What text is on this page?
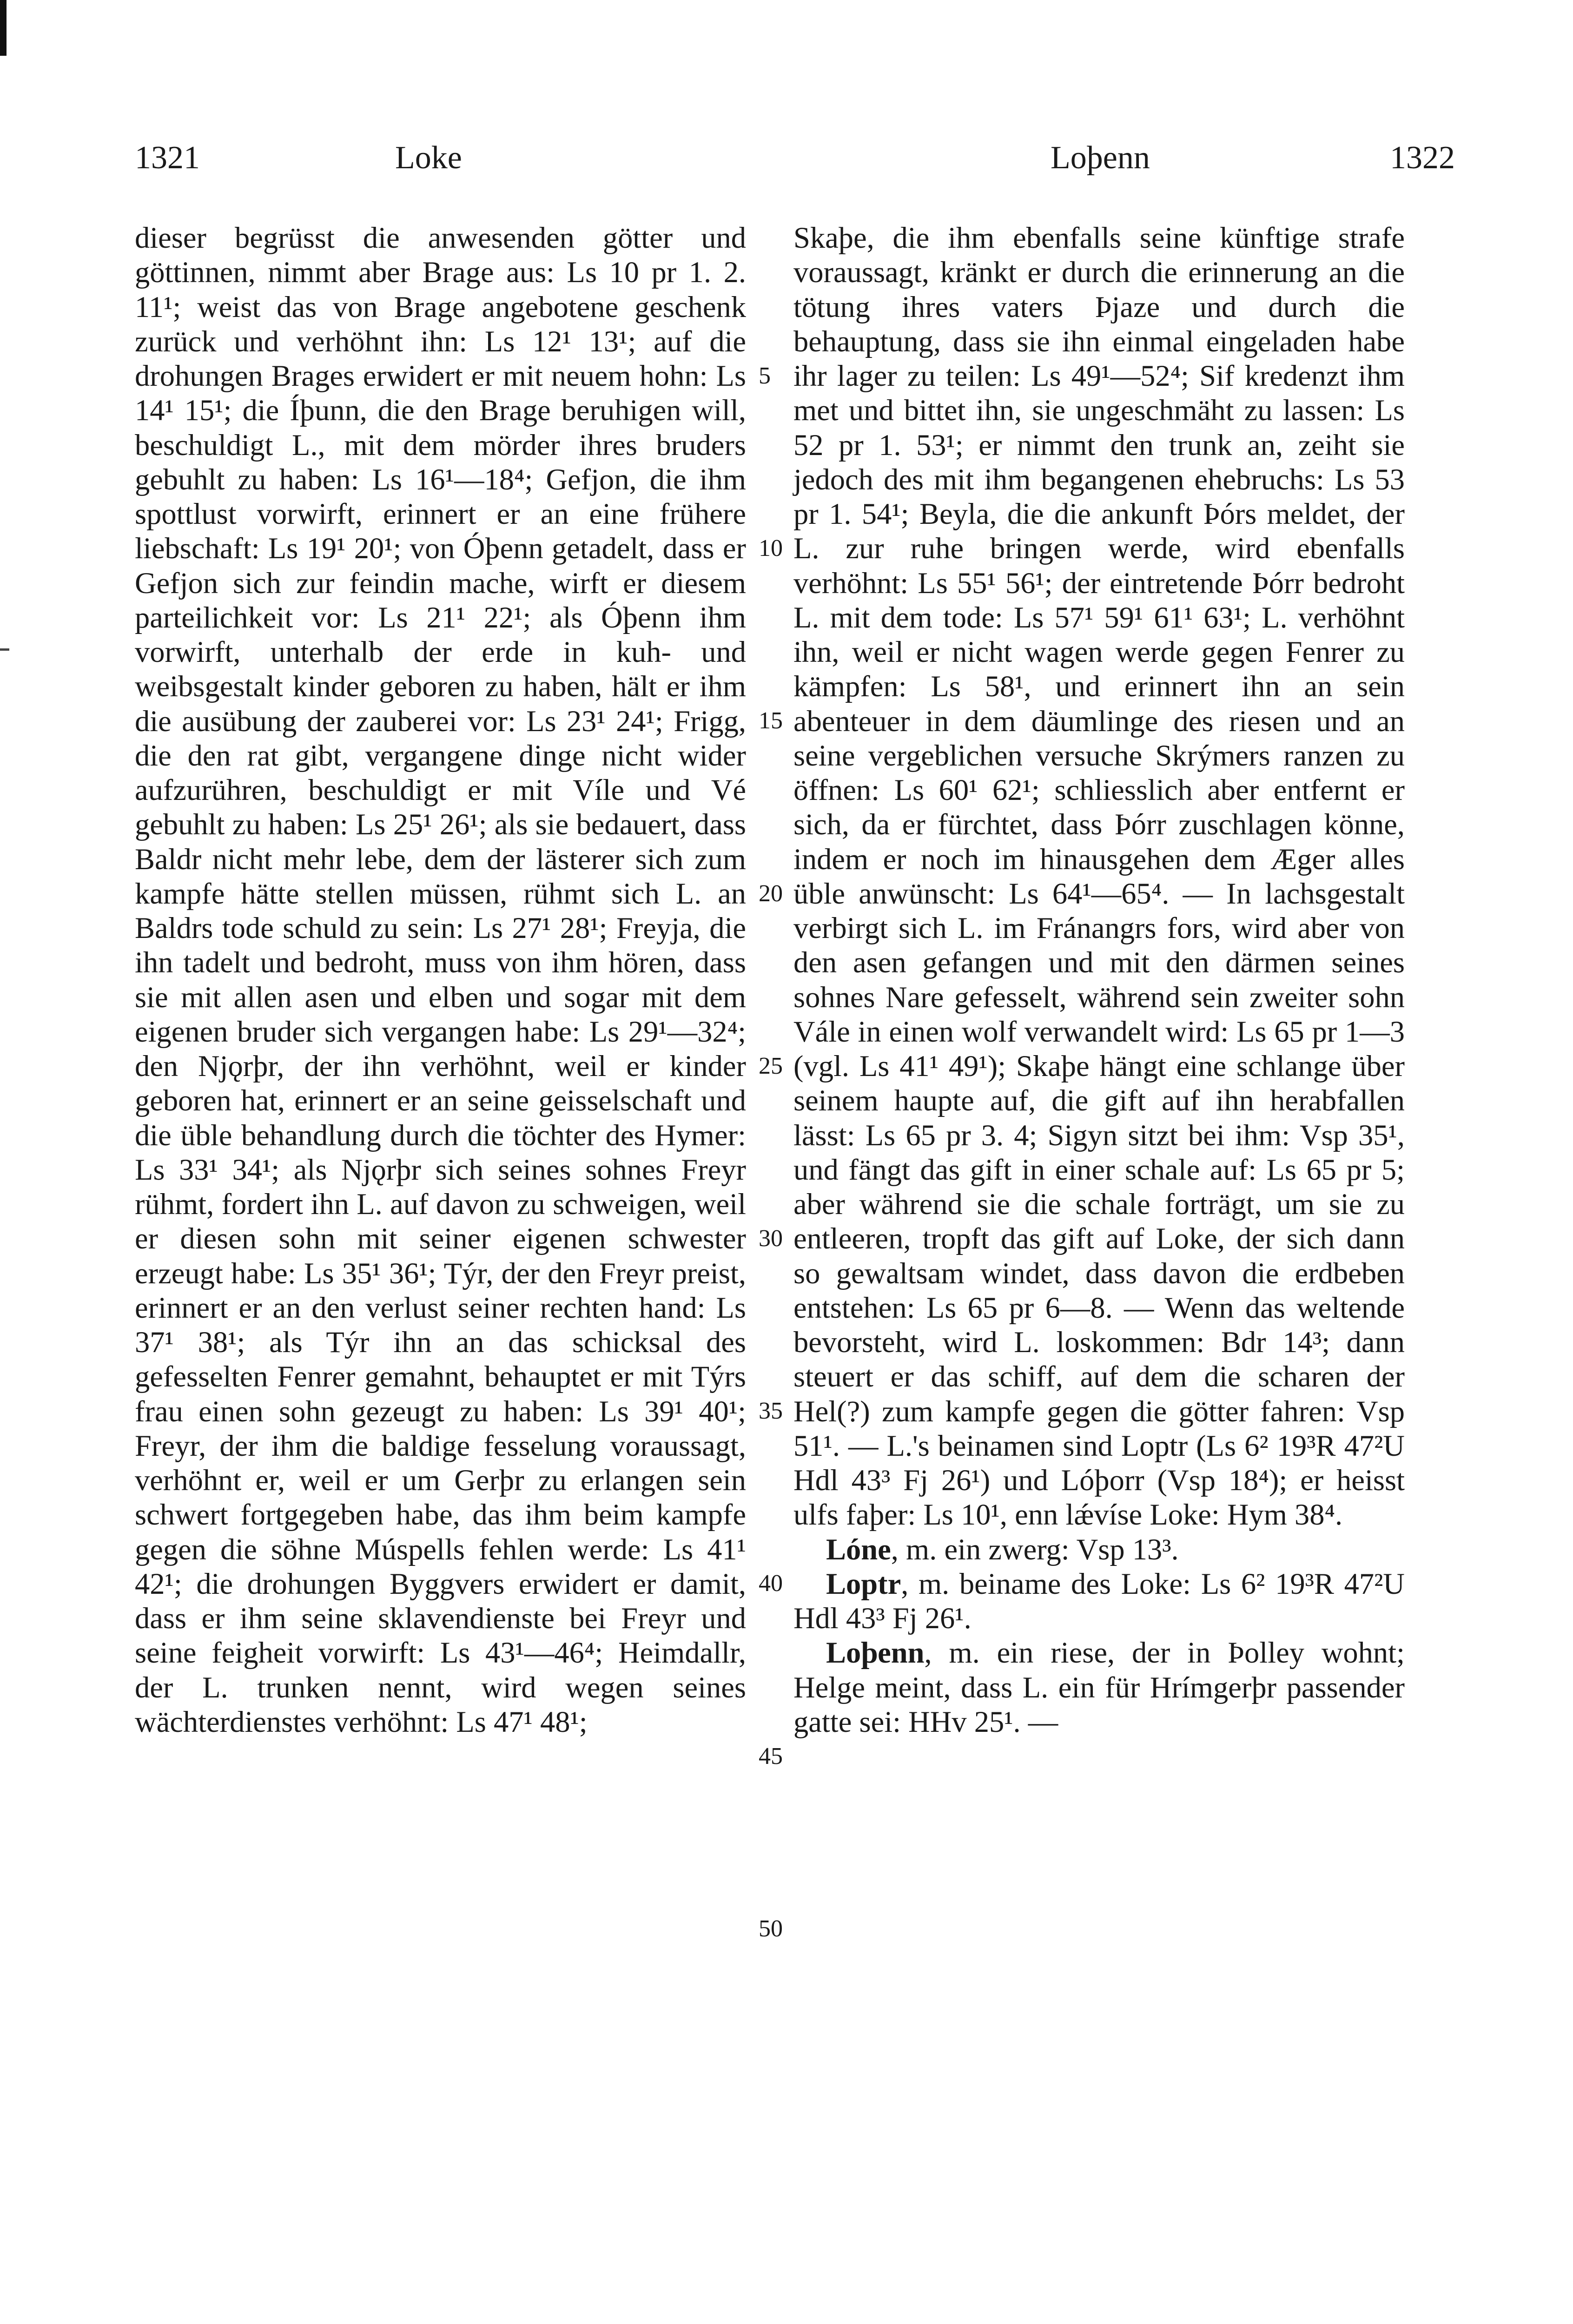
1321	Loke	Loþenn	1322

dieser begrüsst die anwesenden götter und göttinnen, nimmt aber Brage aus: Ls 10 pr 1. 2. 11¹; weist das von Brage angebotene geschenk zurück und verhöhnt ihn: Ls 12¹ 13¹; auf die drohungen Brages erwidert er mit neuem hohn: Ls 14¹ 15¹; die Íþunn, die den Brage beruhigen will, beschuldigt L., mit dem mörder ihres bruders gebuhlt zu haben: Ls 16¹—18⁴; Gefjon, die ihm spottlust vorwirft, erinnert er an eine frühere liebschaft: Ls 19¹ 20¹; von Óþenn getadelt, dass er Gefjon sich zur feindin mache, wirft er diesem parteilichkeit vor: Ls 21¹ 22¹; als Óþenn ihm vorwirft, unterhalb der erde in kuh- und weibsgestalt kinder geboren zu haben, hält er ihm die ausübung der zauberei vor: Ls 23¹ 24¹; Frigg, die den rat gibt, vergangene dinge nicht wider aufzurühren, beschuldigt er mit Víle und Vé gebuhlt zu haben: Ls 25¹ 26¹; als sie bedauert, dass Baldr nicht mehr lebe, dem der lästerer sich zum kampfe hätte stellen müssen, rühmt sich L. an Baldrs tode schuld zu sein: Ls 27¹ 28¹; Freyja, die ihn tadelt und bedroht, muss von ihm hören, dass sie mit allen asen und elben und sogar mit dem eigenen bruder sich vergangen habe: Ls 29¹—32⁴; den Njǫrþr, der ihn verhöhnt, weil er kinder geboren hat, erinnert er an seine geisselschaft und die üble behandlung durch die töchter des Hymer: Ls 33¹ 34¹; als Njǫrþr sich seines sohnes Freyr rühmt, fordert ihn L. auf davon zu schweigen, weil er diesen sohn mit seiner eigenen schwester erzeugt habe: Ls 35¹ 36¹; Týr, der den Freyr preist, erinnert er an den verlust seiner rechten hand: Ls 37¹ 38¹; als Týr ihn an das schicksal des gefesselten Fenrer gemahnt, behauptet er mit Týrs frau einen sohn gezeugt zu haben: Ls 39¹ 40¹; Freyr, der ihm die baldige fesselung voraussagt, verhöhnt er, weil er um Gerþr zu erlangen sein schwert fortgegeben habe, das ihm beim kampfe gegen die söhne Múspells fehlen werde: Ls 41¹ 42¹; die drohungen Byggvers erwidert er damit, dass er ihm seine sklavendienste bei Freyr und seine feigheit vorwirft: Ls 43¹—46⁴; Heimdallr, der L. trunken nennt, wird wegen seines wächterdienstes verhöhnt: Ls 47¹ 48¹;

5
10
15
20
25
30
35
40
45
50

Skaþe, die ihm ebenfalls seine künftige strafe voraussagt, kränkt er durch die erinnerung an die tötung ihres vaters Þjaze und durch die behauptung, dass sie ihn einmal eingeladen habe ihr lager zu teilen: Ls 49¹—52⁴; Sif kredenzt ihm met und bittet ihn, sie ungeschmäht zu lassen: Ls 52 pr 1. 53¹; er nimmt den trunk an, zeiht sie jedoch des mit ihm begangenen ehebruchs: Ls 53 pr 1. 54¹; Beyla, die die ankunft Þórs meldet, der L. zur ruhe bringen werde, wird ebenfalls verhöhnt: Ls 55¹ 56¹; der eintretende Þórr bedroht L. mit dem tode: Ls 57¹ 59¹ 61¹ 63¹; L. verhöhnt ihn, weil er nicht wagen werde gegen Fenrer zu kämpfen: Ls 58¹, und erinnert ihn an sein abenteuer in dem däumlinge des riesen und an seine vergeblichen versuche Skrýmers ranzen zu öffnen: Ls 60¹ 62¹; schliesslich aber entfernt er sich, da er fürchtet, dass Þórr zuschlagen könne, indem er noch im hinausgehen dem Æger alles üble anwünscht: Ls 64¹—65⁴. — In lachsgestalt verbirgt sich L. im Fránangrs fors, wird aber von den asen gefangen und mit den därmen seines sohnes Nare gefesselt, während sein zweiter sohn Vále in einen wolf verwandelt wird: Ls 65 pr 1—3 (vgl. Ls 41¹ 49¹); Skaþe hängt eine schlange über seinem haupte auf, die gift auf ihn herabfallen lässt: Ls 65 pr 3. 4; Sigyn sitzt bei ihm: Vsp 35¹, und fängt das gift in einer schale auf: Ls 65 pr 5; aber während sie die schale forträgt, um sie zu entleeren, tropft das gift auf Loke, der sich dann so gewaltsam windet, dass davon die erdbeben entstehen: Ls 65 pr 6—8. — Wenn das weltende bevorsteht, wird L. loskommen: Bdr 14³; dann steuert er das schiff, auf dem die scharen der Hel(?) zum kampfe gegen die götter fahren: Vsp 51¹. — L.'s beinamen sind Loptr (Ls 6² 19³R 47²U Hdl 43³ Fj 26¹) und Lóþorr (Vsp 18⁴); er heisst ulfs faþer: Ls 10¹, enn lǽvíse Loke: Hym 38⁴.

Lóne, m. ein zwerg: Vsp 13³.

Loptr, m. beiname des Loke: Ls 6² 19³R 47²U Hdl 43³ Fj 26¹.

Loþenn, m. ein riese, der in Þolley wohnt; Helge meint, dass L. ein für Hrímgerþr passender gatte sei: HHv 25¹. —
